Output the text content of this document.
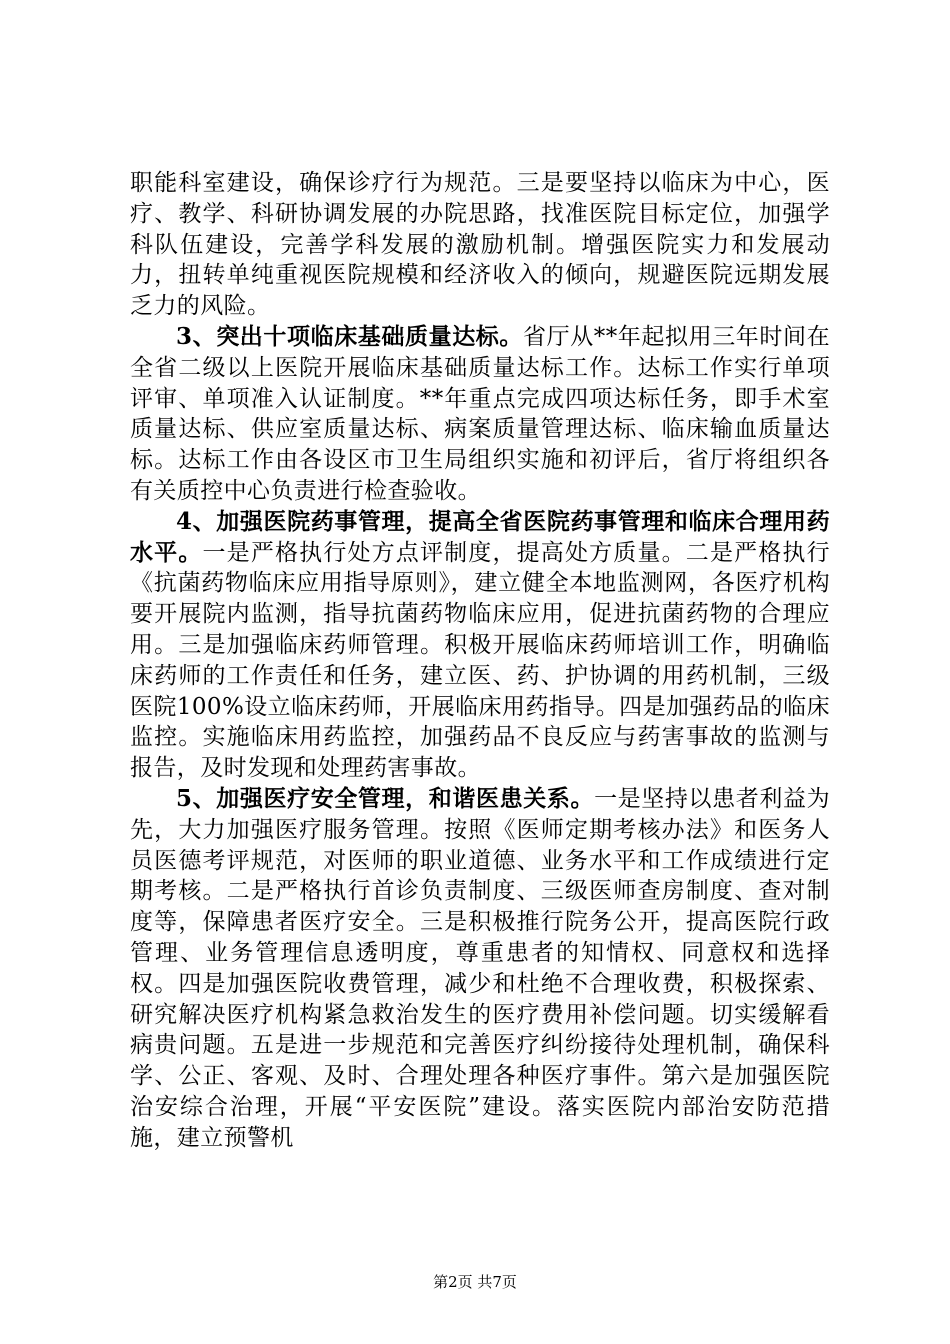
职能科室建设，确保诊疗行为规范。三是要坚持以临床为中心，医疗、教学、科研协调发展的办院思路，找准医院目标定位，加强学科队伍建设，完善学科发展的激励机制。增强医院实力和发展动力，扭转单纯重视医院规模和经济收入的倾向，规避医院远期发展乏力的风险。

3、突出十项临床基础质量达标。省厅从**年起拟用三年时间在全省二级以上医院开展临床基础质量达标工作。达标工作实行单项评审、单项准入认证制度。**年重点完成四项达标任务，即手术室质量达标、供应室质量达标、病案质量管理达标、临床输血质量达标。达标工作由各设区市卫生局组织实施和初评后，省厅将组织各有关质控中心负责进行检查验收。

4、加强医院药事管理，提高全省医院药事管理和临床合理用药水平。一是严格执行处方点评制度，提高处方质量。二是严格执行《抗菌药物临床应用指导原则》，建立健全本地监测网，各医疗机构要开展院内监测，指导抗菌药物临床应用，促进抗菌药物的合理应用。三是加强临床药师管理。积极开展临床药师培训工作，明确临床药师的工作责任和任务，建立医、药、护协调的用药机制，三级医院100%设立临床药师，开展临床用药指导。四是加强药品的临床监控。实施临床用药监控，加强药品不良反应与药害事故的监测与报告，及时发现和处理药害事故。

5、加强医疗安全管理，和谐医患关系。一是坚持以患者利益为先，大力加强医疗服务管理。按照《医师定期考核办法》和医务人员医德考评规范，对医师的职业道德、业务水平和工作成绩进行定期考核。二是严格执行首诊负责制度、三级医师查房制度、查对制度等，保障患者医疗安全。三是积极推行院务公开，提高医院行政管理、业务管理信息透明度，尊重患者的知情权、同意权和选择权。四是加强医院收费管理，减少和杜绝不合理收费，积极探索、研究解决医疗机构紧急救治发生的医疗费用补偿问题。切实缓解看病贵问题。五是进一步规范和完善医疗纠纷接待处理机制，确保科学、公正、客观、及时、合理处理各种医疗事件。第六是加强医院治安综合治理，开展“平安医院”建设。落实医院内部治安防范措施，建立预警机

第2页 共7页
